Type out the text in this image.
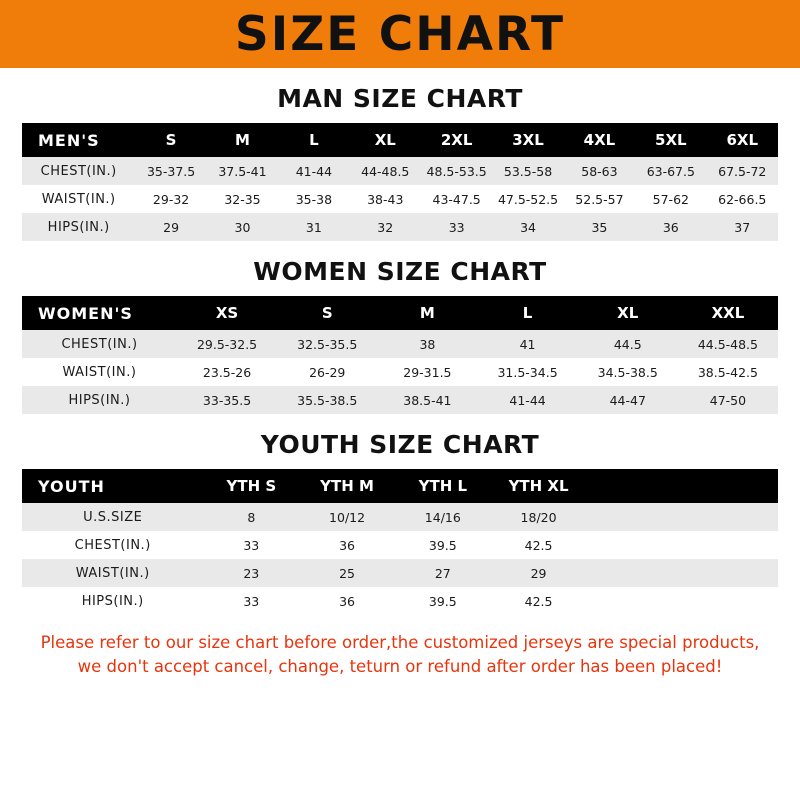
SIZE CHART
MAN SIZE CHART
MEN'S	S	M	L	XL	2XL	3XL	4XL	5XL	6XL
CHEST(IN.)	35-37.5	37.5-41	41-44	44-48.5	48.5-53.5	53.5-58	58-63	63-67.5	67.5-72
WAIST(IN.)	29-32	32-35	35-38	38-43	43-47.5	47.5-52.5	52.5-57	57-62	62-66.5
HIPS(IN.)	29	30	31	32	33	34	35	36	37
WOMEN SIZE CHART
WOMEN'S	XS	S	M	L	XL	XXL
CHEST(IN.)	29.5-32.5	32.5-35.5	38	41	44.5	44.5-48.5
WAIST(IN.)	23.5-26	26-29	29-31.5	31.5-34.5	34.5-38.5	38.5-42.5
HIPS(IN.)	33-35.5	35.5-38.5	38.5-41	41-44	44-47	47-50
YOUTH SIZE CHART
YOUTH	YTH S	YTH M	YTH L	YTH XL		
U.S.SIZE	8	10/12	14/16	18/20		
CHEST(IN.)	33	36	39.5	42.5		
WAIST(IN.)	23	25	27	29		
HIPS(IN.)	33	36	39.5	42.5		
Please refer to our size chart before order,the customized jerseys are special products,
we don't accept cancel, change, teturn or refund after order has been placed!
